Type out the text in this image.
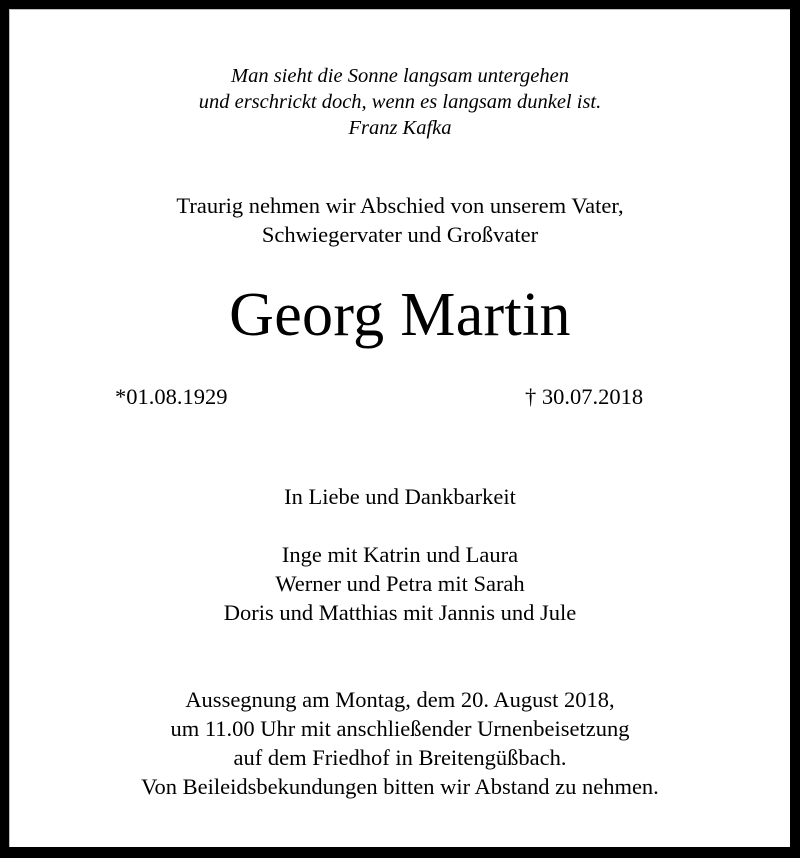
Man sieht die Sonne langsam untergehen
und erschrickt doch, wenn es langsam dunkel ist.
Franz Kafka
Traurig nehmen wir Abschied von unserem Vater,
Schwiegervater und Großvater
Georg Martin
*01.08.1929	† 30.07.2018
In Liebe und Dankbarkeit
Inge mit Katrin und Laura
Werner und Petra mit Sarah
Doris und Matthias mit Jannis und Jule
Aussegnung am Montag, dem 20. August 2018,
um 11.00 Uhr mit anschließender Urnenbeisetzung
auf dem Friedhof in Breitengüßbach.
Von Beileidsbekundungen bitten wir Abstand zu nehmen.
